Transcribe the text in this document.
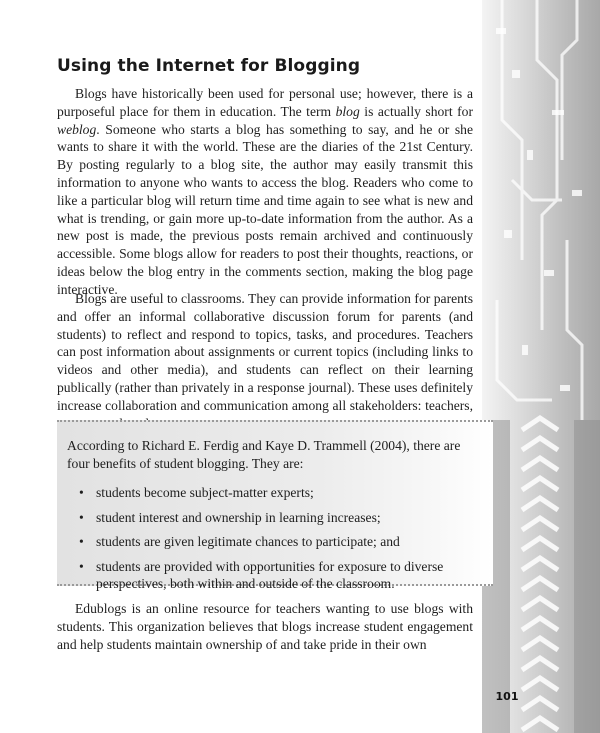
Using the Internet for Blogging

Blogs have historically been used for personal use; however, there is a purposeful place for them in education. The term blog is actually short for weblog. Someone who starts a blog has something to say, and he or she wants to share it with the world. These are the diaries of the 21st Century. By posting regularly to a blog site, the author may easily transmit this information to anyone who wants to access the blog. Readers who come to like a particular blog will return time and time again to see what is new and what is trending, or gain more up-to-date information from the author. As a new post is made, the previous posts remain archived and continuously accessible. Some blogs allow for readers to post their thoughts, reactions, or ideas below the blog entry in the comments section, making the blog page interactive.

Blogs are useful to classrooms. They can provide information for parents and offer an informal collaborative discussion forum for parents (and students) to reflect and respond to topics, tasks, and procedures. Teachers can post information about assignments or current topics (including links to videos and other media), and students can reflect on their learning publically (rather than privately in a response journal). These uses definitely increase collaboration and communication among all stakeholders: teachers,

According to Richard E. Ferdig and Kaye D. Trammell (2004), there are four benefits of student blogging. They are:

• students become subject-matter experts;
• student interest and ownership in learning increases;
• students are given legitimate chances to participate; and
• students are provided with opportunities for exposure to diverse perspectives, both within and outside of the classroom.

Edublogs is an online resource for teachers wanting to use blogs with students. This organization believes that blogs increase student engagement and help students maintain ownership of and take pride in their own

101
